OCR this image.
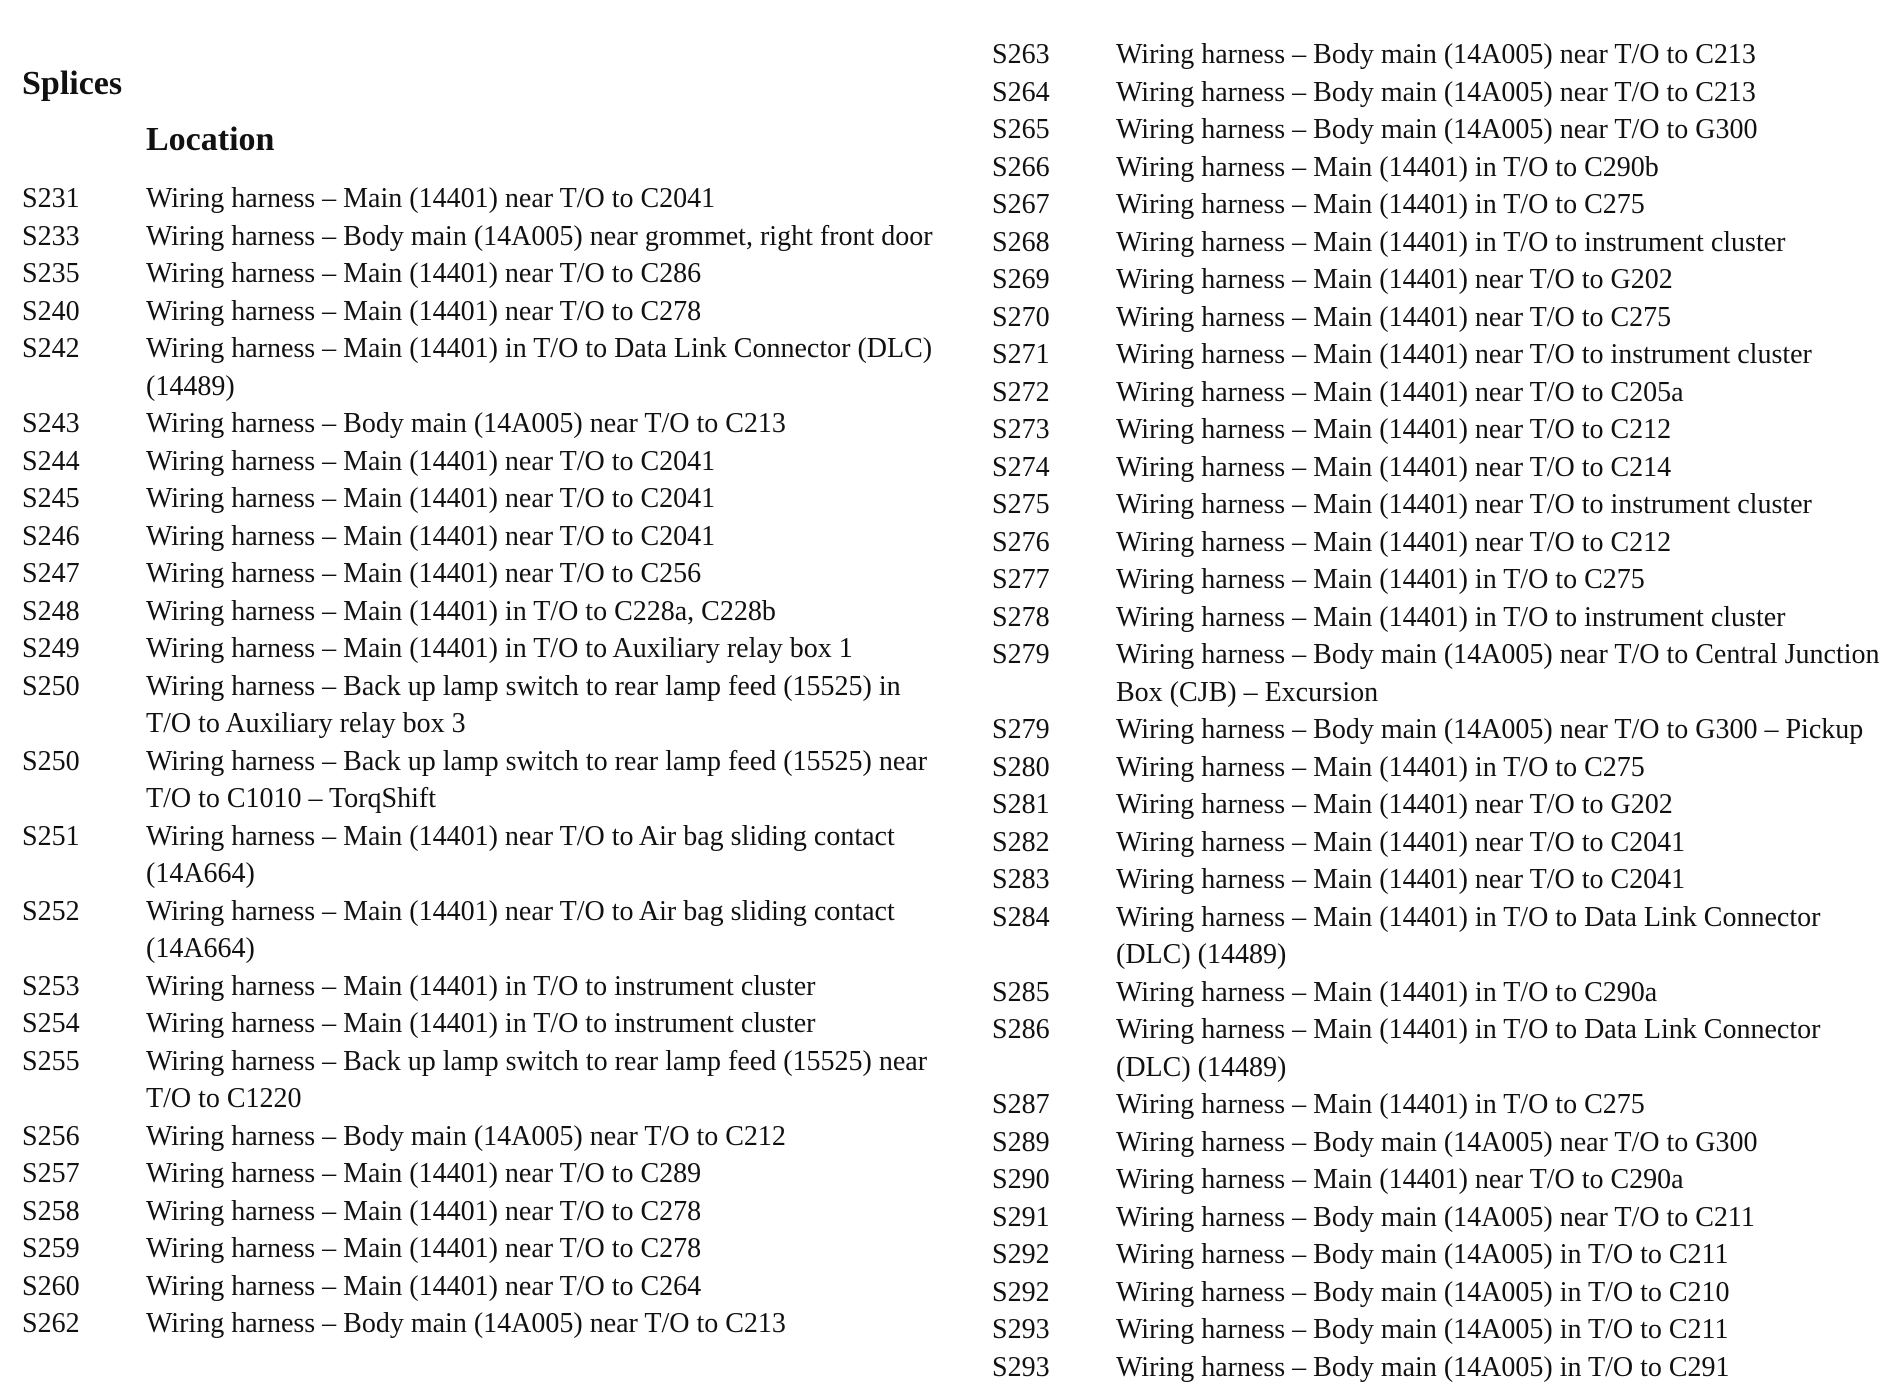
Splices
Location
S231 Wiring harness – Main (14401) near T/O to C2041
S233 Wiring harness – Body main (14A005) near grommet, right front door
S235 Wiring harness – Main (14401) near T/O to C286
S240 Wiring harness – Main (14401) near T/O to C278
S242 Wiring harness – Main (14401) in T/O to Data Link Connector (DLC) (14489)
S243 Wiring harness – Body main (14A005) near T/O to C213
S244 Wiring harness – Main (14401) near T/O to C2041
S245 Wiring harness – Main (14401) near T/O to C2041
S246 Wiring harness – Main (14401) near T/O to C2041
S247 Wiring harness – Main (14401) near T/O to C256
S248 Wiring harness – Main (14401) in T/O to C228a, C228b
S249 Wiring harness – Main (14401) in T/O to Auxiliary relay box 1
S250 Wiring harness – Back up lamp switch to rear lamp feed (15525) in T/O to Auxiliary relay box 3
S250 Wiring harness – Back up lamp switch to rear lamp feed (15525) near T/O to C1010 – TorqShift
S251 Wiring harness – Main (14401) near T/O to Air bag sliding contact (14A664)
S252 Wiring harness – Main (14401) near T/O to Air bag sliding contact (14A664)
S253 Wiring harness – Main (14401) in T/O to instrument cluster
S254 Wiring harness – Main (14401) in T/O to instrument cluster
S255 Wiring harness – Back up lamp switch to rear lamp feed (15525) near T/O to C1220
S256 Wiring harness – Body main (14A005) near T/O to C212
S257 Wiring harness – Main (14401) near T/O to C289
S258 Wiring harness – Main (14401) near T/O to C278
S259 Wiring harness – Main (14401) near T/O to C278
S260 Wiring harness – Main (14401) near T/O to C264
S262 Wiring harness – Body main (14A005) near T/O to C213
S263 Wiring harness – Body main (14A005) near T/O to C213
S264 Wiring harness – Body main (14A005) near T/O to C213
S265 Wiring harness – Body main (14A005) near T/O to G300
S266 Wiring harness – Main (14401) in T/O to C290b
S267 Wiring harness – Main (14401) in T/O to C275
S268 Wiring harness – Main (14401) in T/O to instrument cluster
S269 Wiring harness – Main (14401) near T/O to G202
S270 Wiring harness – Main (14401) near T/O to C275
S271 Wiring harness – Main (14401) near T/O to instrument cluster
S272 Wiring harness – Main (14401) near T/O to C205a
S273 Wiring harness – Main (14401) near T/O to C212
S274 Wiring harness – Main (14401) near T/O to C214
S275 Wiring harness – Main (14401) near T/O to instrument cluster
S276 Wiring harness – Main (14401) near T/O to C212
S277 Wiring harness – Main (14401) in T/O to C275
S278 Wiring harness – Main (14401) in T/O to instrument cluster
S279 Wiring harness – Body main (14A005) near T/O to Central Junction Box (CJB) – Excursion
S279 Wiring harness – Body main (14A005) near T/O to G300 – Pickup
S280 Wiring harness – Main (14401) in T/O to C275
S281 Wiring harness – Main (14401) near T/O to G202
S282 Wiring harness – Main (14401) near T/O to C2041
S283 Wiring harness – Main (14401) near T/O to C2041
S284 Wiring harness – Main (14401) in T/O to Data Link Connector (DLC) (14489)
S285 Wiring harness – Main (14401) in T/O to C290a
S286 Wiring harness – Main (14401) in T/O to Data Link Connector (DLC) (14489)
S287 Wiring harness – Main (14401) in T/O to C275
S289 Wiring harness – Body main (14A005) near T/O to G300
S290 Wiring harness – Main (14401) near T/O to C290a
S291 Wiring harness – Body main (14A005) near T/O to C211
S292 Wiring harness – Body main (14A005) in T/O to C211
S292 Wiring harness – Body main (14A005) in T/O to C210
S293 Wiring harness – Body main (14A005) in T/O to C211
S293 Wiring harness – Body main (14A005) in T/O to C291
